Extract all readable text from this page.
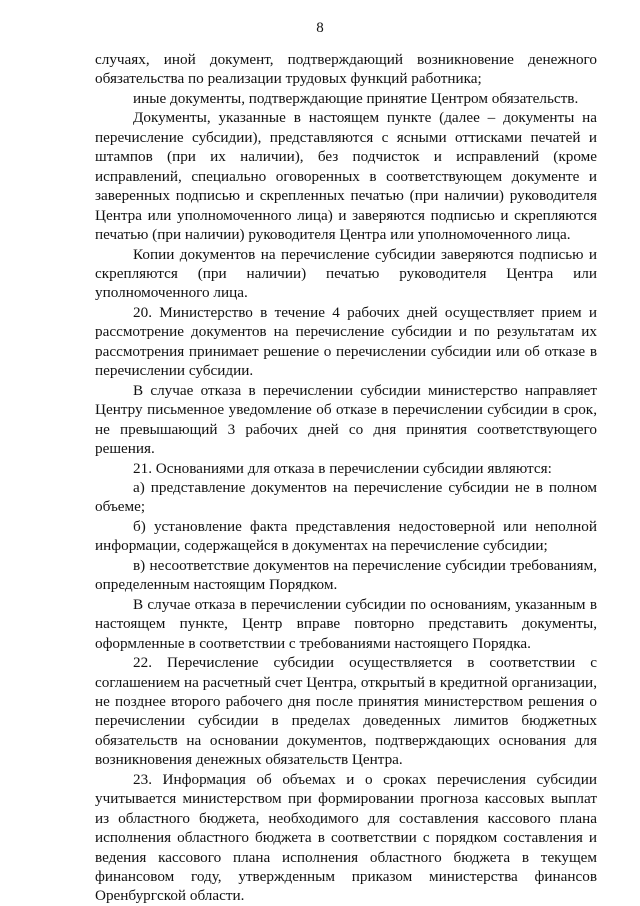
8

случаях, иной документ, подтверждающий возникновение денежного обязательства по реализации трудовых функций работника;

иные документы, подтверждающие принятие Центром обязательств.

Документы, указанные в настоящем пункте (далее – документы на перечисление субсидии), представляются с ясными оттисками печатей и штампов (при их наличии), без подчисток и исправлений (кроме исправлений, специально оговоренных в соответствующем документе и заверенных подписью и скрепленных печатью (при наличии) руководителя Центра или уполномоченного лица) и заверяются подписью и скрепляются печатью (при наличии) руководителя Центра или уполномоченного лица.

Копии документов на перечисление субсидии заверяются подписью и скрепляются (при наличии) печатью руководителя Центра или уполномоченного лица.

20. Министерство в течение 4 рабочих дней осуществляет прием и рассмотрение документов на перечисление субсидии и по результатам их рассмотрения принимает решение о перечислении субсидии или об отказе в перечислении субсидии.

В случае отказа в перечислении субсидии министерство направляет Центру письменное уведомление об отказе в перечислении субсидии в срок, не превышающий 3 рабочих дней со дня принятия соответствующего решения.

21. Основаниями для отказа в перечислении субсидии являются:

а) представление документов на перечисление субсидии не в полном объеме;

б) установление факта представления недостоверной или неполной информации, содержащейся в документах на перечисление субсидии;

в) несоответствие документов на перечисление субсидии требованиям, определенным настоящим Порядком.

В случае отказа в перечислении субсидии по основаниям, указанным в настоящем пункте, Центр вправе повторно представить документы, оформленные в соответствии с требованиями настоящего Порядка.

22. Перечисление субсидии осуществляется в соответствии с соглашением на расчетный счет Центра, открытый в кредитной организации, не позднее второго рабочего дня после принятия министерством решения о перечислении субсидии в пределах доведенных лимитов бюджетных обязательств на основании документов, подтверждающих основания для возникновения денежных обязательств Центра.

23. Информация об объемах и о сроках перечисления субсидии учитывается министерством при формировании прогноза кассовых выплат из областного бюджета, необходимого для составления кассового плана исполнения областного бюджета в соответствии с порядком составления и ведения кассового плана исполнения областного бюджета в текущем финансовом году, утвержденным приказом министерства финансов Оренбургской области.
